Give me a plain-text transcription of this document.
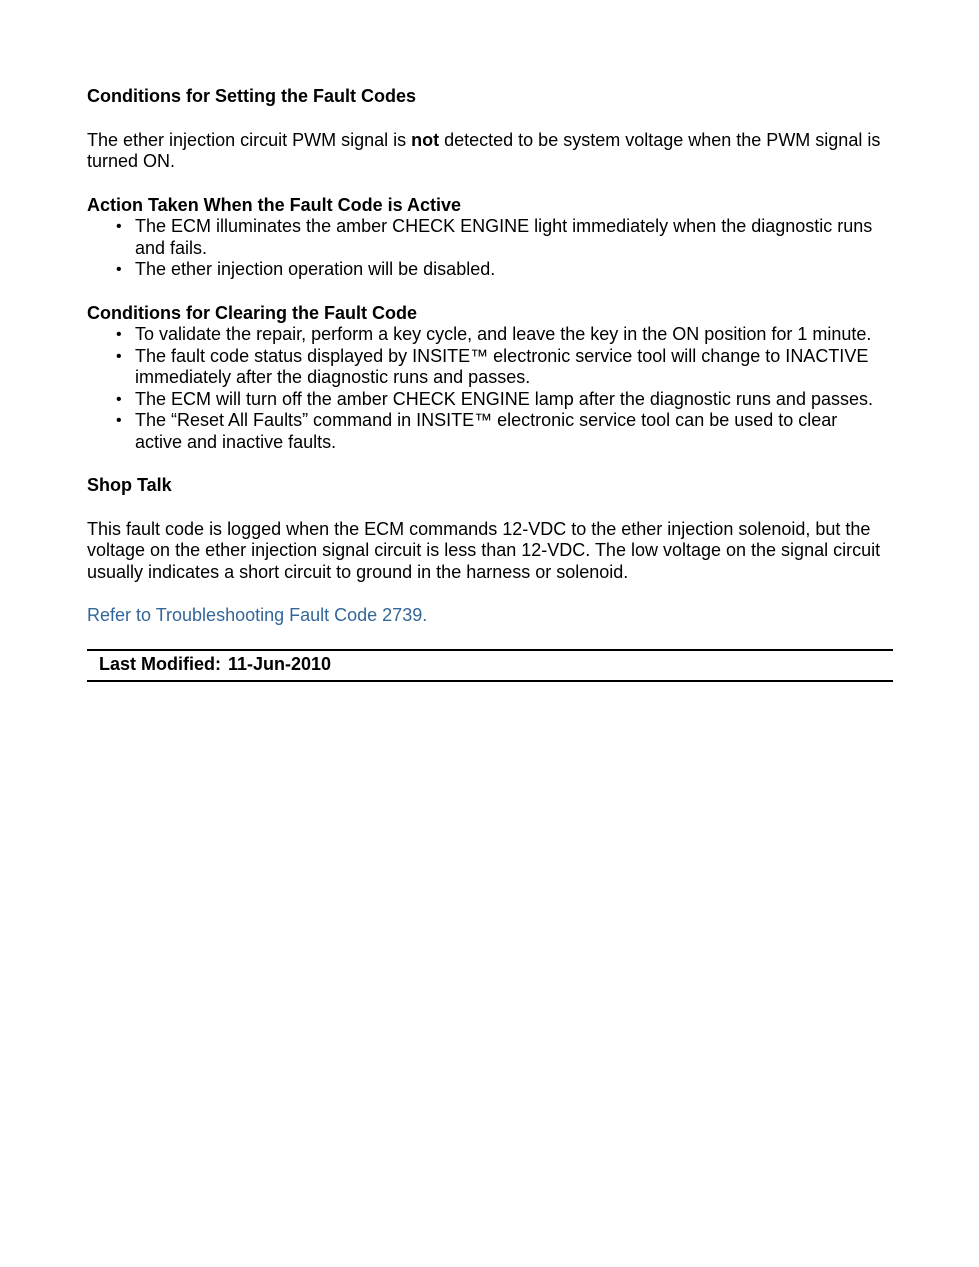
Conditions for Setting the Fault Codes

The ether injection circuit PWM signal is not detected to be system voltage when the PWM signal is turned ON.

Action Taken When the Fault Code is Active

• The ECM illuminates the amber CHECK ENGINE light immediately when the diagnostic runs and fails.
• The ether injection operation will be disabled.

Conditions for Clearing the Fault Code

• To validate the repair, perform a key cycle, and leave the key in the ON position for 1 minute.
• The fault code status displayed by INSITE™ electronic service tool will change to INACTIVE immediately after the diagnostic runs and passes.
• The ECM will turn off the amber CHECK ENGINE lamp after the diagnostic runs and passes.
• The “Reset All Faults” command in INSITE™ electronic service tool can be used to clear active and inactive faults.

Shop Talk

This fault code is logged when the ECM commands 12-VDC to the ether injection solenoid, but the voltage on the ether injection signal circuit is less than 12-VDC. The low voltage on the signal circuit usually indicates a short circuit to ground in the harness or solenoid.

Refer to Troubleshooting Fault Code 2739.

Last Modified: 11-Jun-2010
